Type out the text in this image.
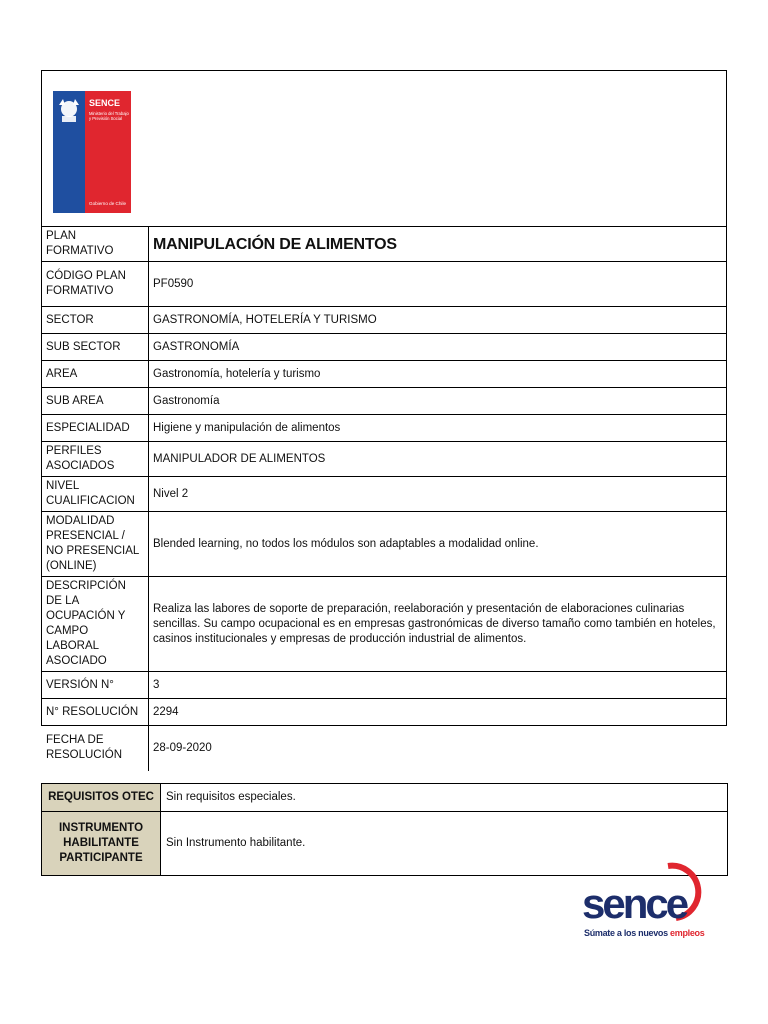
SENCE
Ministerio del Trabajo
y Previsión Social
Gobierno de Chile
PLAN FORMATIVO	MANIPULACIÓN DE ALIMENTOS
CÓDIGO PLAN FORMATIVO	PF0590
SECTOR	GASTRONOMÍA, HOTELERÍA Y TURISMO
SUB SECTOR	GASTRONOMÍA
AREA	Gastronomía, hotelería y turismo
SUB AREA	Gastronomía
ESPECIALIDAD	Higiene y manipulación de alimentos
PERFILES ASOCIADOS	MANIPULADOR DE ALIMENTOS
NIVEL CUALIFICACION	Nivel 2
MODALIDAD PRESENCIAL / NO PRESENCIAL (ONLINE)	Blended learning, no todos los módulos son adaptables a modalidad online.
DESCRIPCIÓN DE LA OCUPACIÓN Y CAMPO LABORAL ASOCIADO	Realiza las labores de soporte de preparación, reelaboración y presentación de elaboraciones culinarias sencillas. Su campo ocupacional es en empresas gastronómicas de diverso tamaño como también en hoteles, casinos institucionales y empresas de producción industrial de alimentos.
VERSIÓN N°	3
N° RESOLUCIÓN	2294
FECHA DE RESOLUCIÓN	28-09-2020
REQUISITOS OTEC	Sin requisitos especiales.
INSTRUMENTO HABILITANTE PARTICIPANTE	Sin Instrumento habilitante.
sence
Súmate a los nuevos empleos
